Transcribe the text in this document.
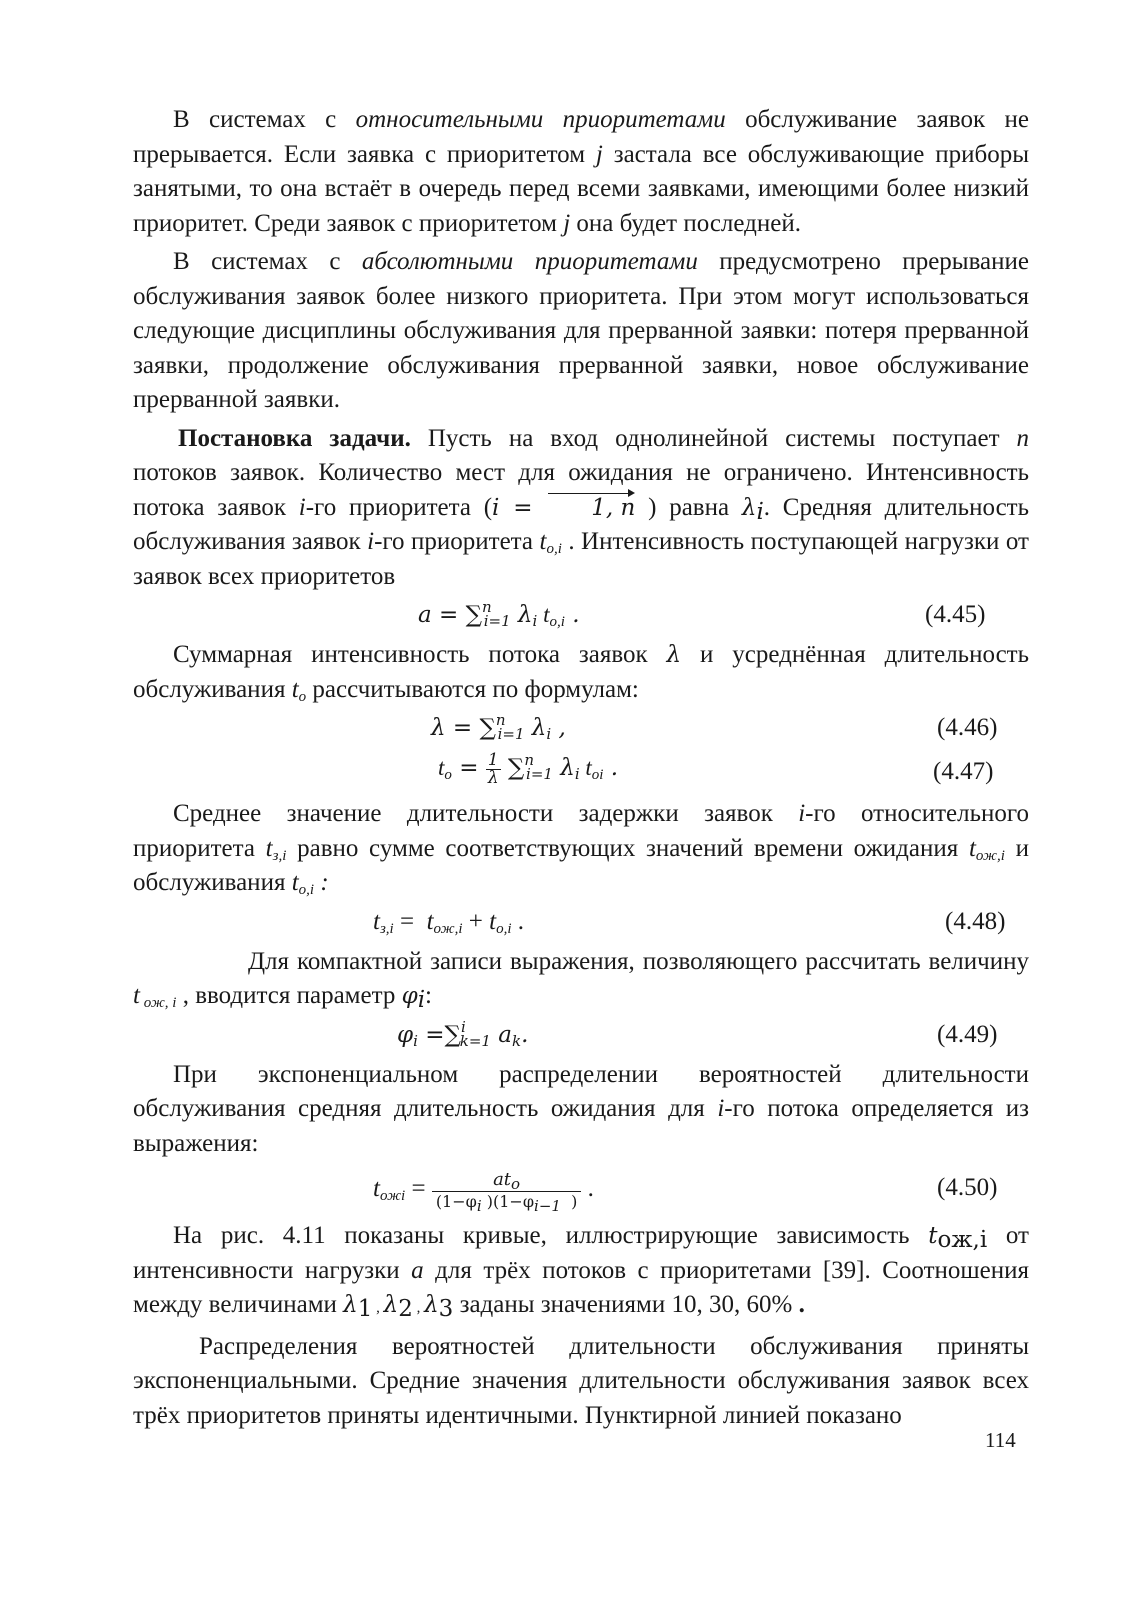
В системах с относительными приоритетами обслуживание заявок не прерывается. Если заявка с приоритетом j застала все обслуживающие приборы занятыми, то она встаёт в очередь перед всеми заявками, имеющими более низкий приоритет. Среди заявок с приоритетом j она будет последней.

В системах с абсолютными приоритетами предусмотрено прерывание обслуживания заявок более низкого приоритета. При этом могут использоваться следующие дисциплины обслуживания для прерванной заявки: потеря прерванной заявки, продолжение обслуживания прерванной заявки, новое обслуживание прерванной заявки.

Постановка задачи. Пусть на вход однолинейной системы поступает n потоков заявок. Количество мест для ожидания не ограничено. Интенсивность потока заявок i-го приоритета (i = 1, n ) равна $\lambda_i$. Средняя длительность обслуживания заявок i-го приоритета $t_{o,i}$ . Интенсивность поступающей нагрузки от заявок всех приоритетов

a = ∑$^n_{i=1}$ $\lambda_i$ $t_{o,i}$ .	(4.45)

Суммарная интенсивность потока заявок λ и усреднённая длительность обслуживания $t_o$ рассчитываются по формулам:

λ = ∑$^n_{i=1}$ $\lambda_i$ ,	(4.46)
$t_o = \frac{1}{\lambda} \sum^n_{i=1}$ $\lambda_i$ $t_{oi}$ .	(4.47)

Среднее значение длительности задержки заявок i-го относительного приоритета $t_{з,i}$ равно сумме соответствующих значений времени ожидания $t_{ож,i}$ и обслуживания $t_{o,i}$ :

$t_{з,i} = t_{ож,i} + t_{o,i}$ .	(4.48)

Для компактной записи выражения, позволяющего рассчитать величину t $_{ож, i}$ , вводится параметр $\varphi_i$:

$\varphi_i =\sum^i_{k=1}$ $a_k$.	(4.49)

При экспоненциальном распределении вероятностей длительности обслуживания средняя длительность ожидания для i-го потока определяется из выражения:

$t_{ожi} = \frac{at_o}{(1-\varphi_i )(1-\varphi_{i-1} )}$ .	(4.50)

На рис. 4.11 показаны кривые, иллюстрирующие зависимость $t_{ож,i}$ от интенсивности нагрузки a для трёх потоков с приоритетами [39]. Соотношения между величинами $\lambda_1$ , $\lambda_2$ , $\lambda_3$ заданы значениями 10, 30, 60% .

Распределения вероятностей длительности обслуживания приняты экспоненциальными. Средние значения длительности обслуживания заявок всех трёх приоритетов приняты идентичными. Пунктирной линией показано

114
